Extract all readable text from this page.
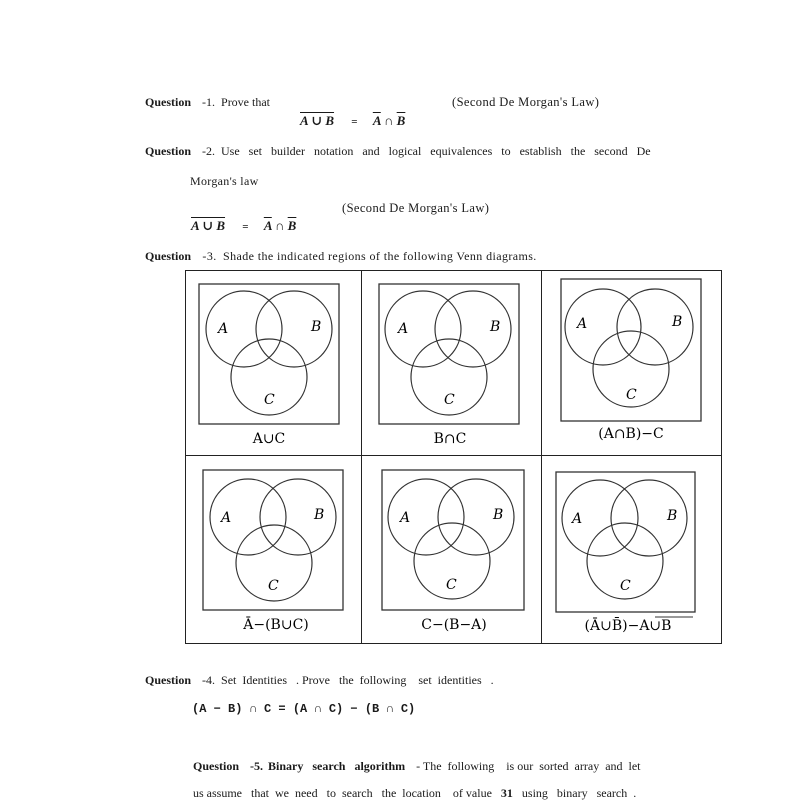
Question -1. Prove that	(Second De Morgan's Law)
A ∪ $B = \overline{A}$ ∩ $\overline{B}$
Question -2. Use set builder notation and logical equivalences to establish the second De
Morgan's law
(Second De Morgan's Law)
A ∪ $B = \overline{A}$ ∩ $\overline{B}$
Question -3. Shade the indicated regions of the following Venn diagrams.
A	B
C
A∪C
A	B
C
B∩C
A	B
C
(A∩B)−C
A	B
C
Ā−(B∪C)
A	B
C
C−(B−A)
A	B
C
(Ā∪B̄)−A∪B
Question -4. Set  Identities   . Prove   the  following    set  identities   .
(A − B) ∩ C = (A ∩ C) − (B ∩ C)
Question -5. Binary   search   algorithm - The  following    is our  sorted  array  and  let
us assume   that  we  need   to  search   the  location    of value 31 using   binary   search  .
